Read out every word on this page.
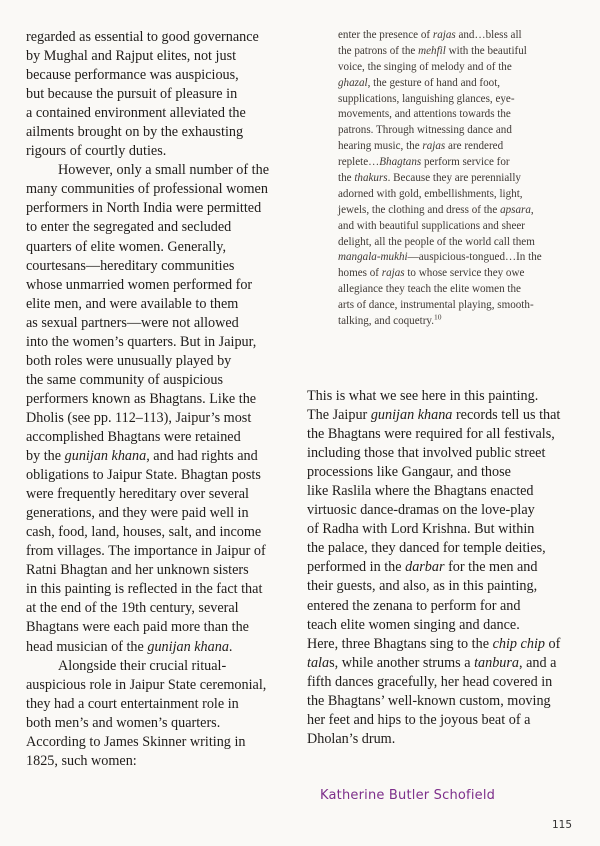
regarded as essential to good governance
by Mughal and Rajput elites, not just
because performance was auspicious,
but because the pursuit of pleasure in
a contained environment alleviated the
ailments brought on by the exhausting
rigours of courtly duties.
However, only a small number of the
many communities of professional women
performers in North India were permitted
to enter the segregated and secluded
quarters of elite women. Generally,
courtesans—hereditary communities
whose unmarried women performed for
elite men, and were available to them
as sexual partners—were not allowed
into the women’s quarters. But in Jaipur,
both roles were unusually played by
the same community of auspicious
performers known as Bhagtans. Like the
Dholis (see pp. 112–113), Jaipur’s most
accomplished Bhagtans were retained
by the gunijan khana, and had rights and
obligations to Jaipur State. Bhagtan posts
were frequently hereditary over several
generations, and they were paid well in
cash, food, land, houses, salt, and income
from villages. The importance in Jaipur of
Ratni Bhagtan and her unknown sisters
in this painting is reflected in the fact that
at the end of the 19th century, several
Bhagtans were each paid more than the
head musician of the gunijan khana.
Alongside their crucial ritual-
auspicious role in Jaipur State ceremonial,
they had a court entertainment role in
both men’s and women’s quarters.
According to James Skinner writing in
1825, such women:
enter the presence of rajas and…bless all
the patrons of the mehfil with the beautiful
voice, the singing of melody and of the
ghazal, the gesture of hand and foot,
supplications, languishing glances, eye-
movements, and attentions towards the
patrons. Through witnessing dance and
hearing music, the rajas are rendered
replete…Bhagtans perform service for
the thakurs. Because they are perennially
adorned with gold, embellishments, light,
jewels, the clothing and dress of the apsara,
and with beautiful supplications and sheer
delight, all the people of the world call them
mangala-mukhi—auspicious-tongued…In the
homes of rajas to whose service they owe
allegiance they teach the elite women the
arts of dance, instrumental playing, smooth-
talking, and coquetry.$^{10}$
This is what we see here in this painting.
The Jaipur gunijan khana records tell us that
the Bhagtans were required for all festivals,
including those that involved public street
processions like Gangaur, and those
like Raslila where the Bhagtans enacted
virtuosic dance-dramas on the love-play
of Radha with Lord Krishna. But within
the palace, they danced for temple deities,
performed in the darbar for the men and
their guests, and also, as in this painting,
entered the zenana to perform for and
teach elite women singing and dance.
Here, three Bhagtans sing to the chip chip of
talas, while another strums a tanbura, and a
fifth dances gracefully, her head covered in
the Bhagtans’ well-known custom, moving
her feet and hips to the joyous beat of a
Dholan’s drum.
Katherine Butler Schofield
115
